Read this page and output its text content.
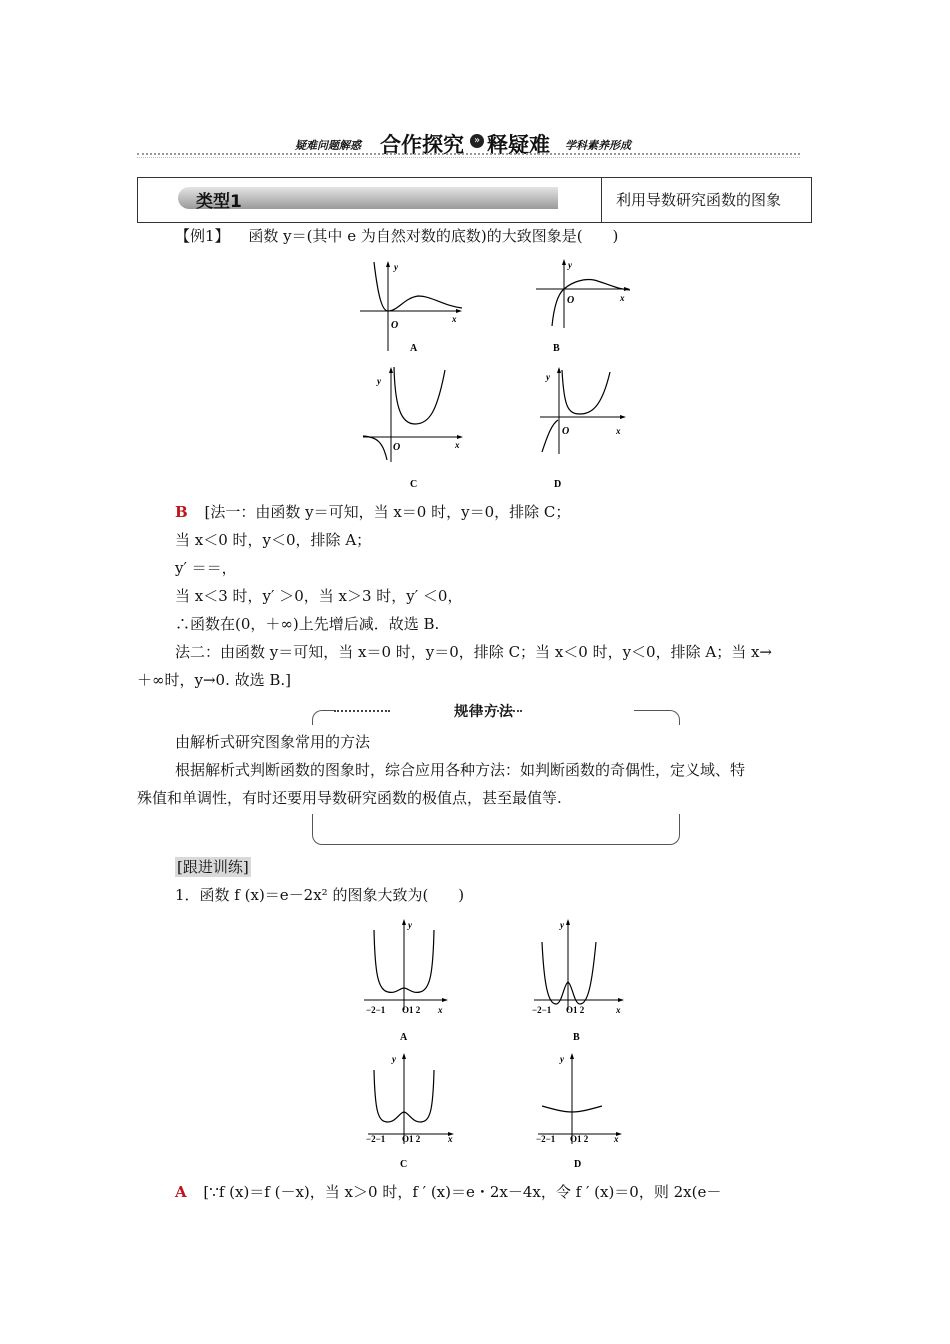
疑难问题解惑 合作探究 » 释疑难 学科素养形成
类型1	利用导数研究函数的图象
【例1】 函数 y＝(其中 e 为自然对数的底数)的大致图象是(　　)
y
x
O
A
y
x
O
B
y
x
O
C
y
x
O
D
B [法一：由函数 y＝可知，当 x＝0 时，y＝0，排除 C；
当 x＜0 时，y＜0，排除 A；
y′ ＝＝，
当 x＜3 时，y′ ＞0，当 x＞3 时，y′ ＜0，
∴函数在(0，＋∞)上先增后减．故选 B.
法二：由函数 y＝可知，当 x＝0 时，y＝0，排除 C；当 x＜0 时，y＜0，排除 A；当 x→
＋∞时，y→0. 故选 B.]
规律方法
由解析式研究图象常用的方法
根据解析式判断函数的图象时，综合应用各种方法：如判断函数的奇偶性，定义域、特
殊值和单调性，有时还要用导数研究函数的极值点，甚至最值等.
[跟进训练]
1．函数 f (x)＝e－2x² 的图象大致为(　　)
y
x
−2−1 O1 2
A
y
x
−2−1 O1 2
B
y
x
−2−1 O1 2
C
y
x
−2−1 O1 2
D
A [∵f (x)＝f (－x)，当 x＞0 时，f ′ (x)＝e・2x－4x，令 f ′ (x)＝0，则 2x(e－
